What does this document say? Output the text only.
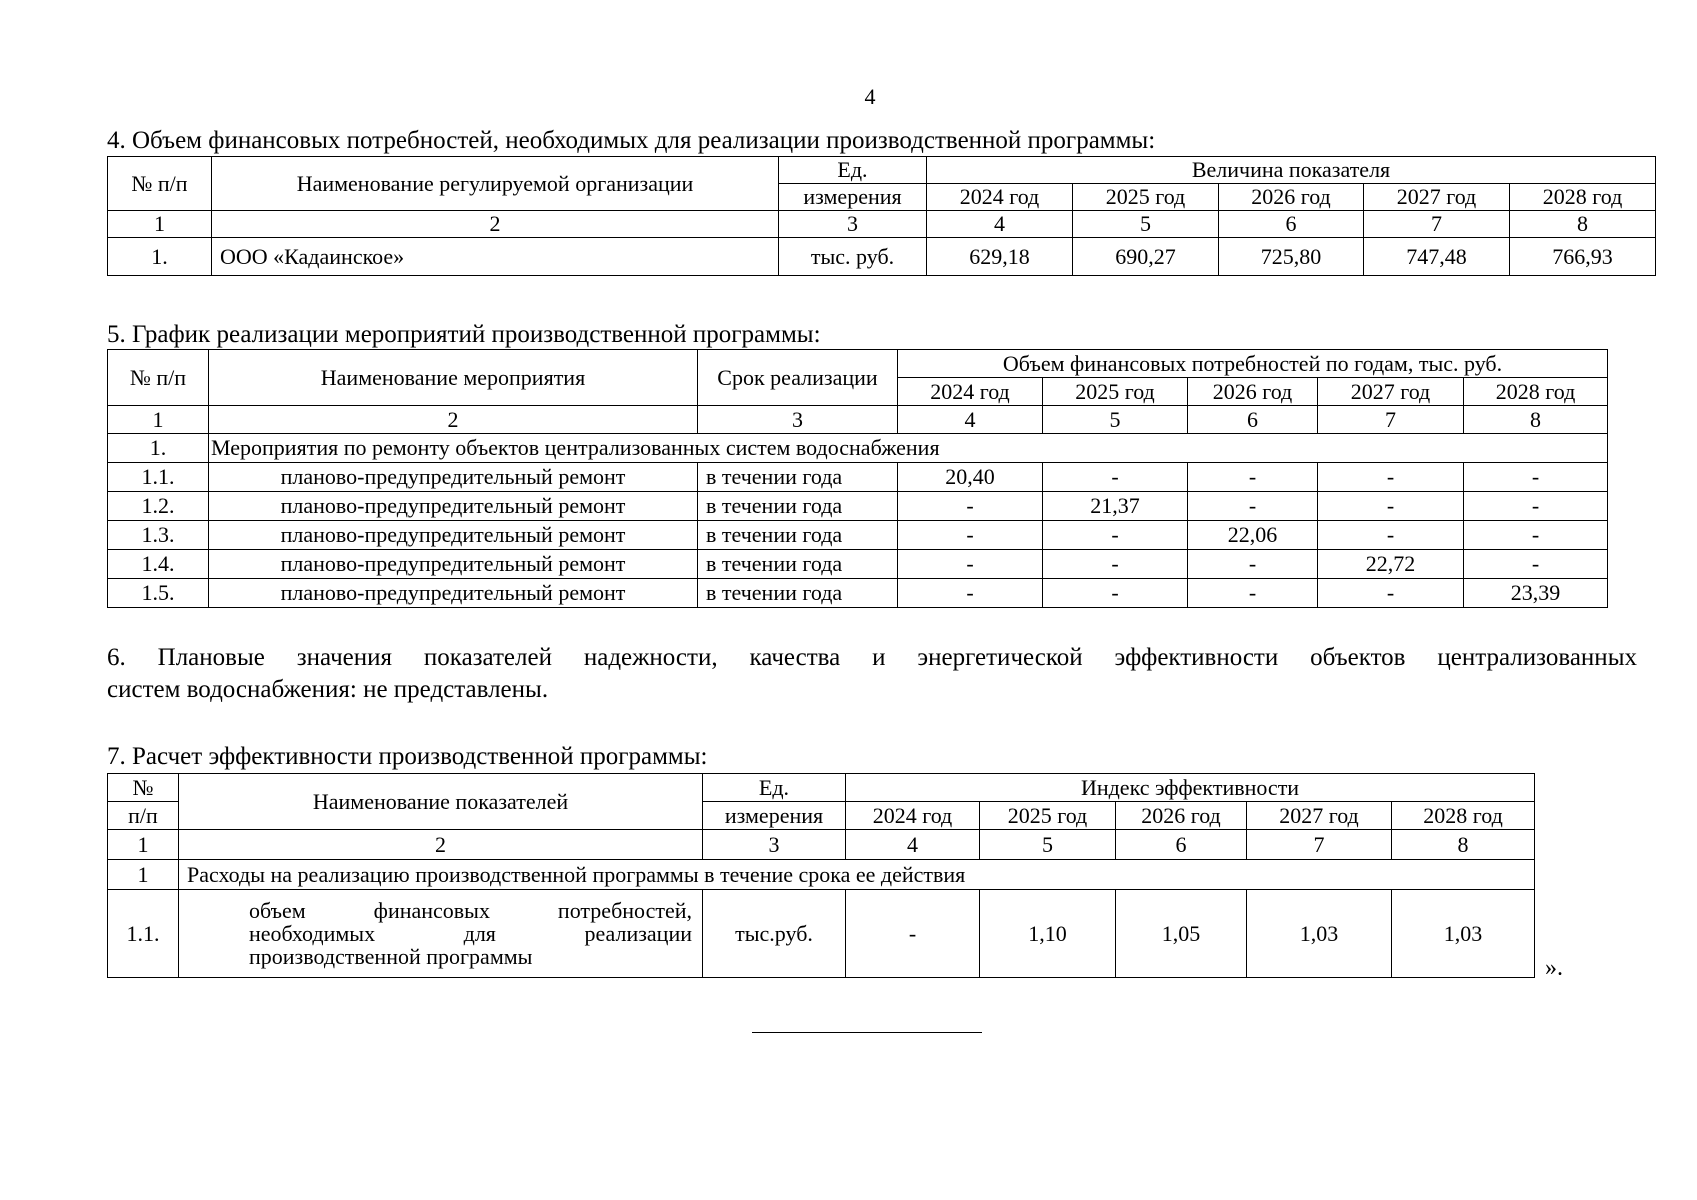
4
4. Объем финансовых потребностей, необходимых для реализации производственной программы:
№ п/п	Наименование регулируемой организации	Ед.	Величина показателя				
		измерения	2024 год	2025 год	2026 год	2027 год	2028 год
1	2	3	4	5	6	7	8
1.	ООО «Кадаинское»	тыс. руб.	629,18	690,27	725,80	747,48	766,93
5. График реализации мероприятий производственной программы:
№ п/п	Наименование мероприятия	Срок реализации	Объем финансовых потребностей по годам, тыс. руб.				
			2024 год	2025 год	2026 год	2027 год	2028 год
1	2	3	4	5	6	7	8
1.	Мероприятия по ремонту объектов централизованных систем водоснабжения						
1.1.	планово-предупредительный ремонт	в течении года	20,40	-	-	-	-
1.2.	планово-предупредительный ремонт	в течении года	-	21,37	-	-	-
1.3.	планово-предупредительный ремонт	в течении года	-	-	22,06	-	-
1.4.	планово-предупредительный ремонт	в течении года	-	-	-	22,72	-
1.5.	планово-предупредительный ремонт	в течении года	-	-	-	-	23,39
6. Плановые значения показателей надежности, качества и энергетической эффективности объектов централизованных
систем водоснабжения: не представлены.
7. Расчет эффективности производственной программы:
№	Наименование показателей	Ед.	Индекс эффективности				
п/п		измерения	2024 год	2025 год	2026 год	2027 год	2028 год
1	2	3	4	5	6	7	8
1	Расходы на реализацию производственной программы в течение срока ее действия						
1.1.	объем финансовых потребностей,
необходимых для реализации
производственной программы	тыс.руб.	-	1,10	1,05	1,03	1,03
».
